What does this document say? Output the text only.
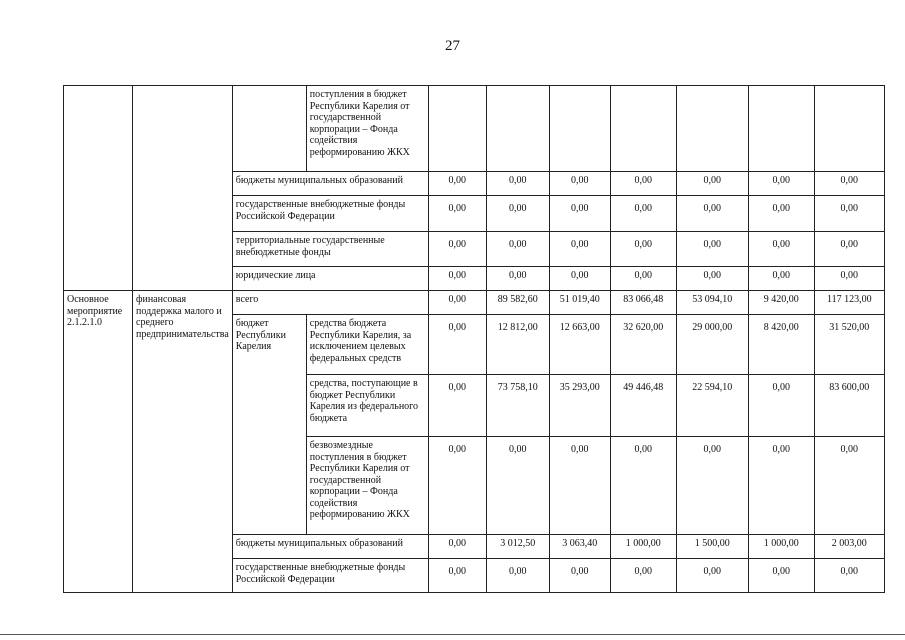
27
			поступления в бюджет Республики Карелия от государственной корпорации – Фонда содействия реформированию ЖКХ							
		бюджеты муниципальных образований		0,00	0,00	0,00	0,00	0,00	0,00	0,00
		государственные внебюджетные фонды Российской Федерации		0,00	0,00	0,00	0,00	0,00	0,00	0,00
		территориальные государственные внебюджетные фонды		0,00	0,00	0,00	0,00	0,00	0,00	0,00
		юридические лица		0,00	0,00	0,00	0,00	0,00	0,00	0,00
Основное мероприятие 2.1.2.1.0	финансовая поддержка малого и среднего предпринимательства	всего		0,00	89 582,60	51 019,40	83 066,48	53 094,10	9 420,00	117 123,00
		бюджет Республики Карелия	средства бюджета Республики Карелия, за исключением целевых федеральных средств	0,00	12 812,00	12 663,00	32 620,00	29 000,00	8 420,00	31 520,00
			средства, поступающие в бюджет Республики Карелия из федерального бюджета	0,00	73 758,10	35 293,00	49 446,48	22 594,10	0,00	83 600,00
			безвозмездные поступления в бюджет Республики Карелия от государственной корпорации – Фонда содействия реформированию ЖКХ	0,00	0,00	0,00	0,00	0,00	0,00	0,00
		бюджеты муниципальных образований		0,00	3 012,50	3 063,40	1 000,00	1 500,00	1 000,00	2 003,00
		государственные внебюджетные фонды Российской Федерации		0,00	0,00	0,00	0,00	0,00	0,00	0,00
